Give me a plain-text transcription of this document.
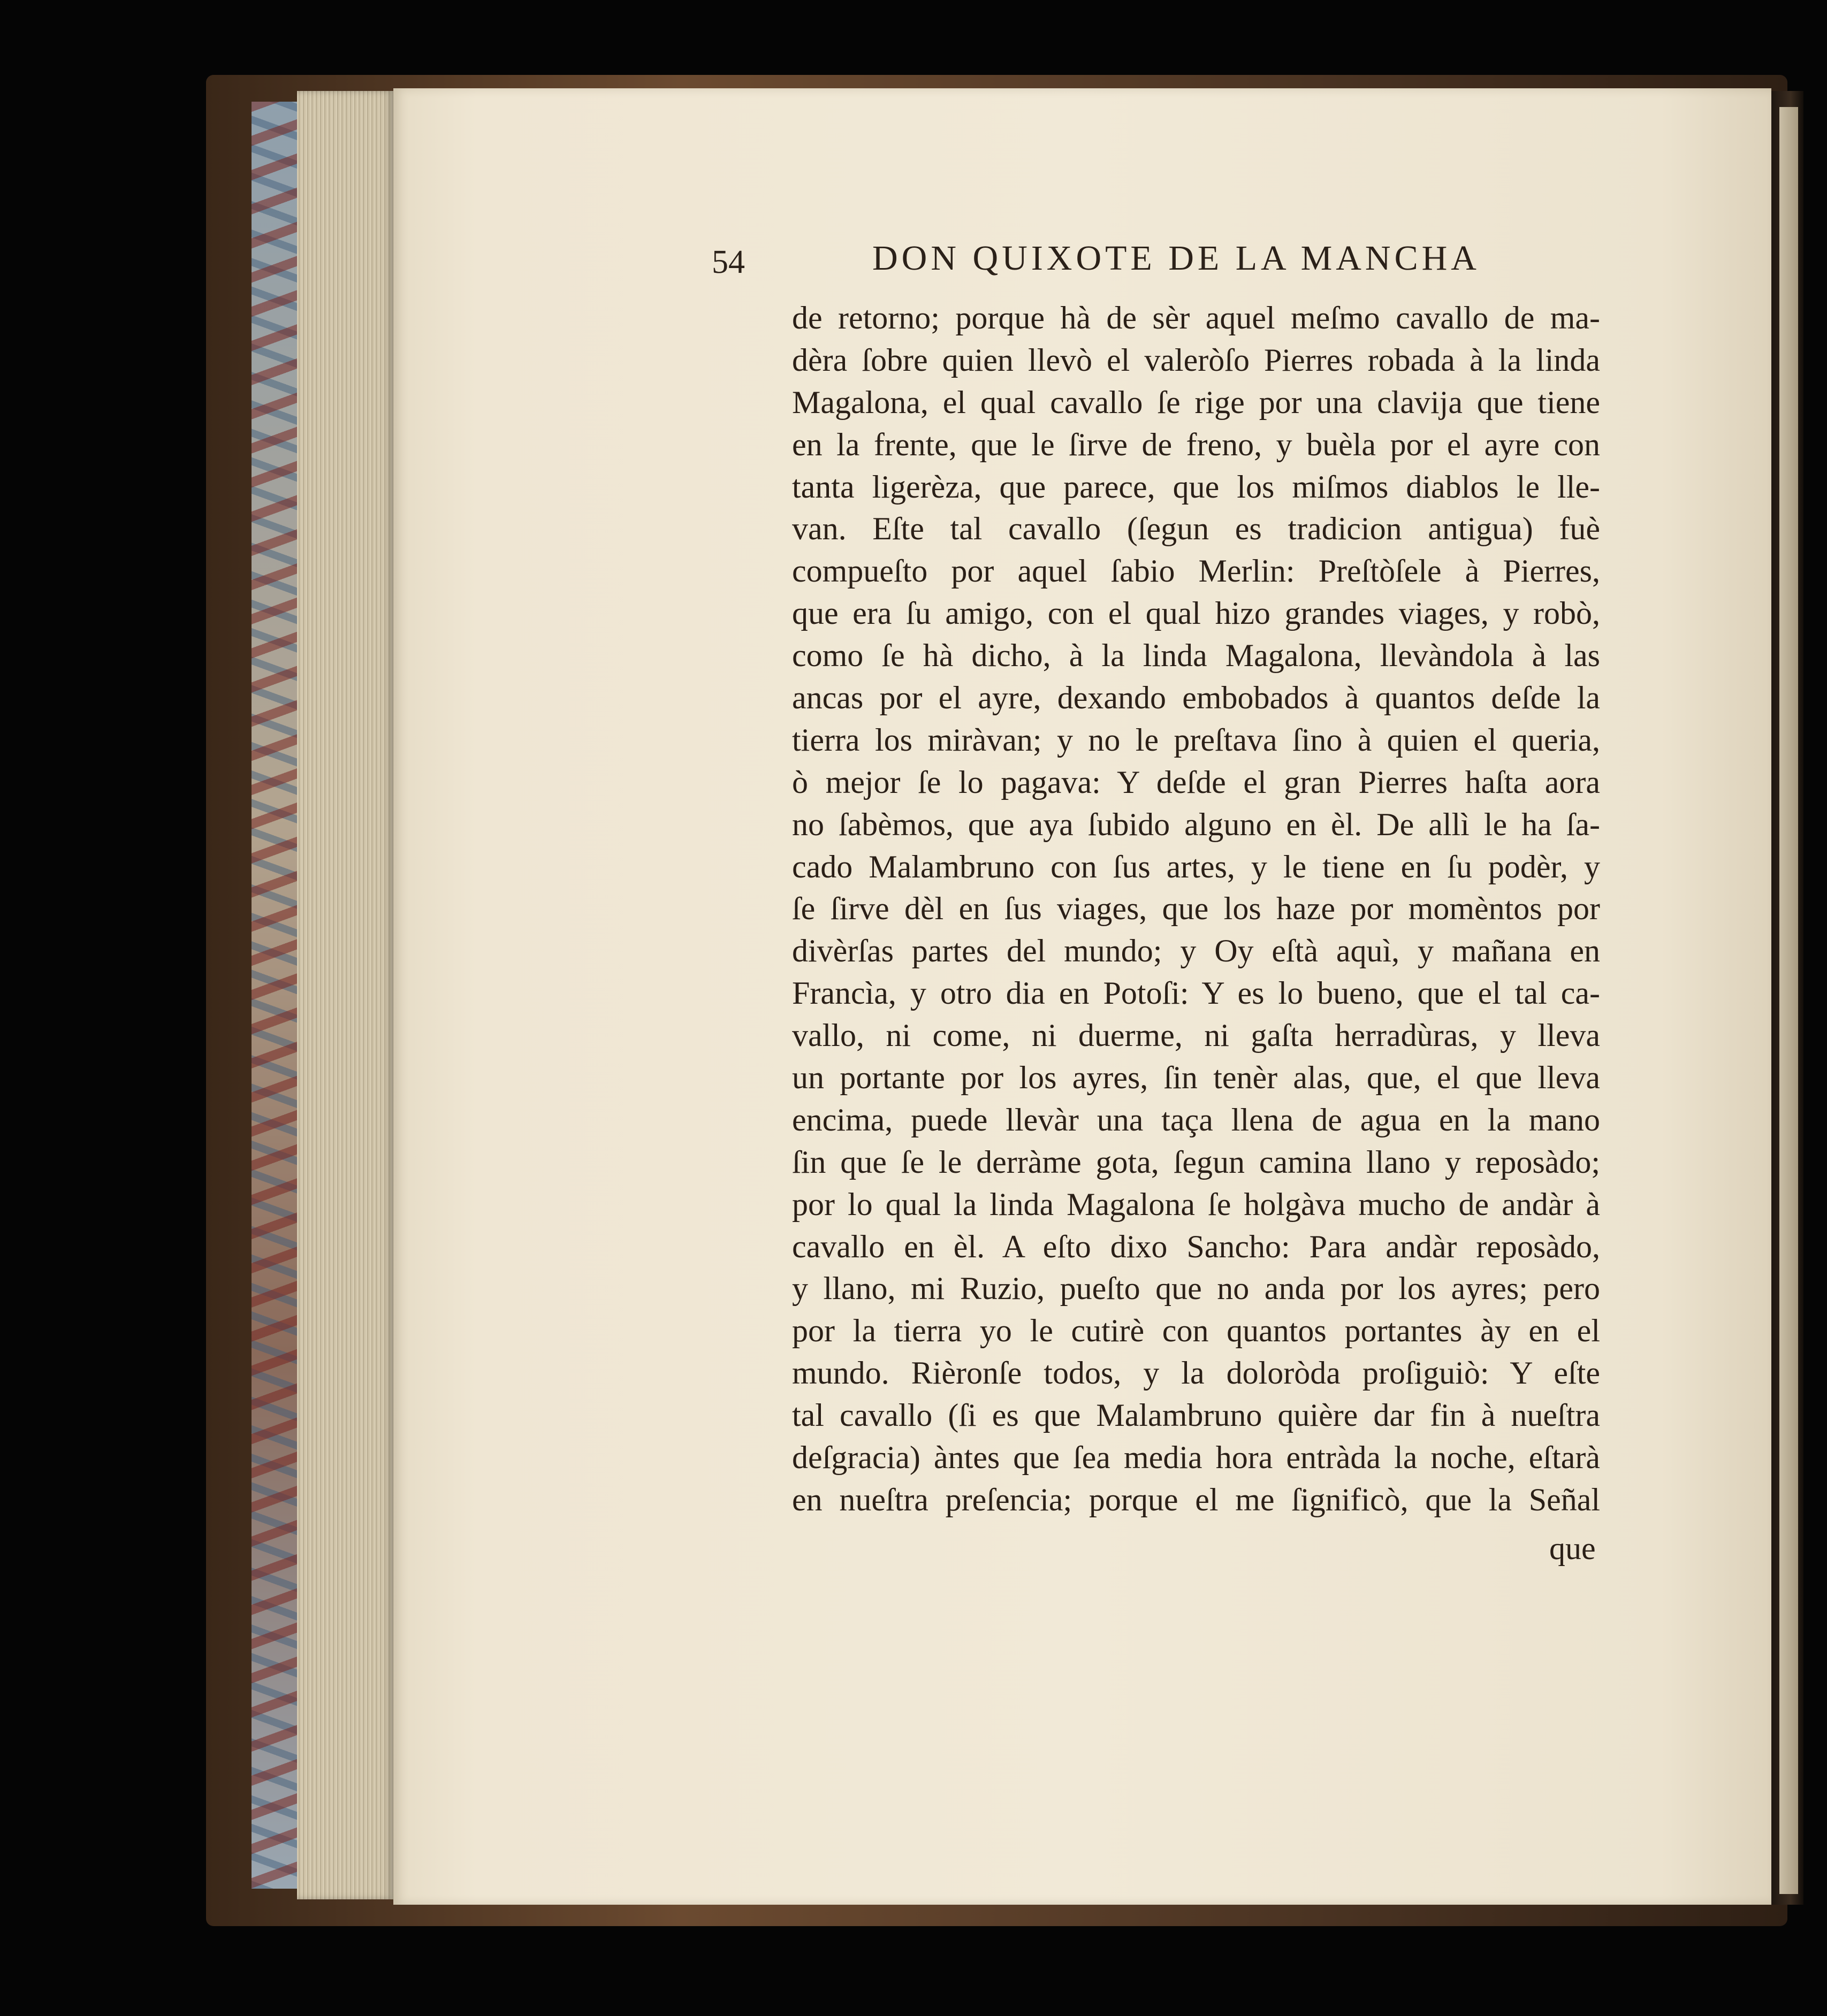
54	DON QUIXOTE DE LA MANCHA
de retorno; porque hà de sèr aquel meſmo cavallo de ma-
dèra ſobre quien llevò el valeròſo Pierres robada à la linda
Magalona, el qual cavallo ſe rige por una clavija que tiene
en la frente, que le ſirve de freno, y buèla por el ayre con
tanta ligerèza, que parece, que los miſmos diablos le lle-
van. Eſte tal cavallo (ſegun es tradicion antigua) fuè
compueſto por aquel ſabio Merlin: Preſtòſele à Pierres,
que era ſu amigo, con el qual hizo grandes viages, y robò,
como ſe hà dicho, à la linda Magalona, llevàndola à las
ancas por el ayre, dexando embobados à quantos deſde la
tierra los miràvan; y no le preſtava ſino à quien el queria,
ò mejor ſe lo pagava: Y deſde el gran Pierres haſta aora
no ſabèmos, que aya ſubido alguno en èl. De allì le ha ſa-
cado Malambruno con ſus artes, y le tiene en ſu podèr, y
ſe ſirve dèl en ſus viages, que los haze por momèntos por
divèrſas partes del mundo; y Oy eſtà aquì, y mañana en
Francìa, y otro dia en Potoſi: Y es lo bueno, que el tal ca-
vallo, ni come, ni duerme, ni gaſta herradùras, y lleva
un portante por los ayres, ſin tenèr alas, que, el que lleva
encima, puede llevàr una taça llena de agua en la mano
ſin que ſe le derràme gota, ſegun camina llano y reposàdo;
por lo qual la linda Magalona ſe holgàva mucho de andàr à
cavallo en èl. A eſto dixo Sancho: Para andàr reposàdo,
y llano, mi Ruzio, pueſto que no anda por los ayres; pero
por la tierra yo le cutirè con quantos portantes ày en el
mundo. Rièronſe todos, y la doloròda proſiguiò: Y eſte
tal cavallo (ſi es que Malambruno quière dar fin à nueſtra
deſgracia) àntes que ſea media hora entràda la noche, eſtarà
en nueſtra preſencia; porque el me ſignificò, que la Señal
que
